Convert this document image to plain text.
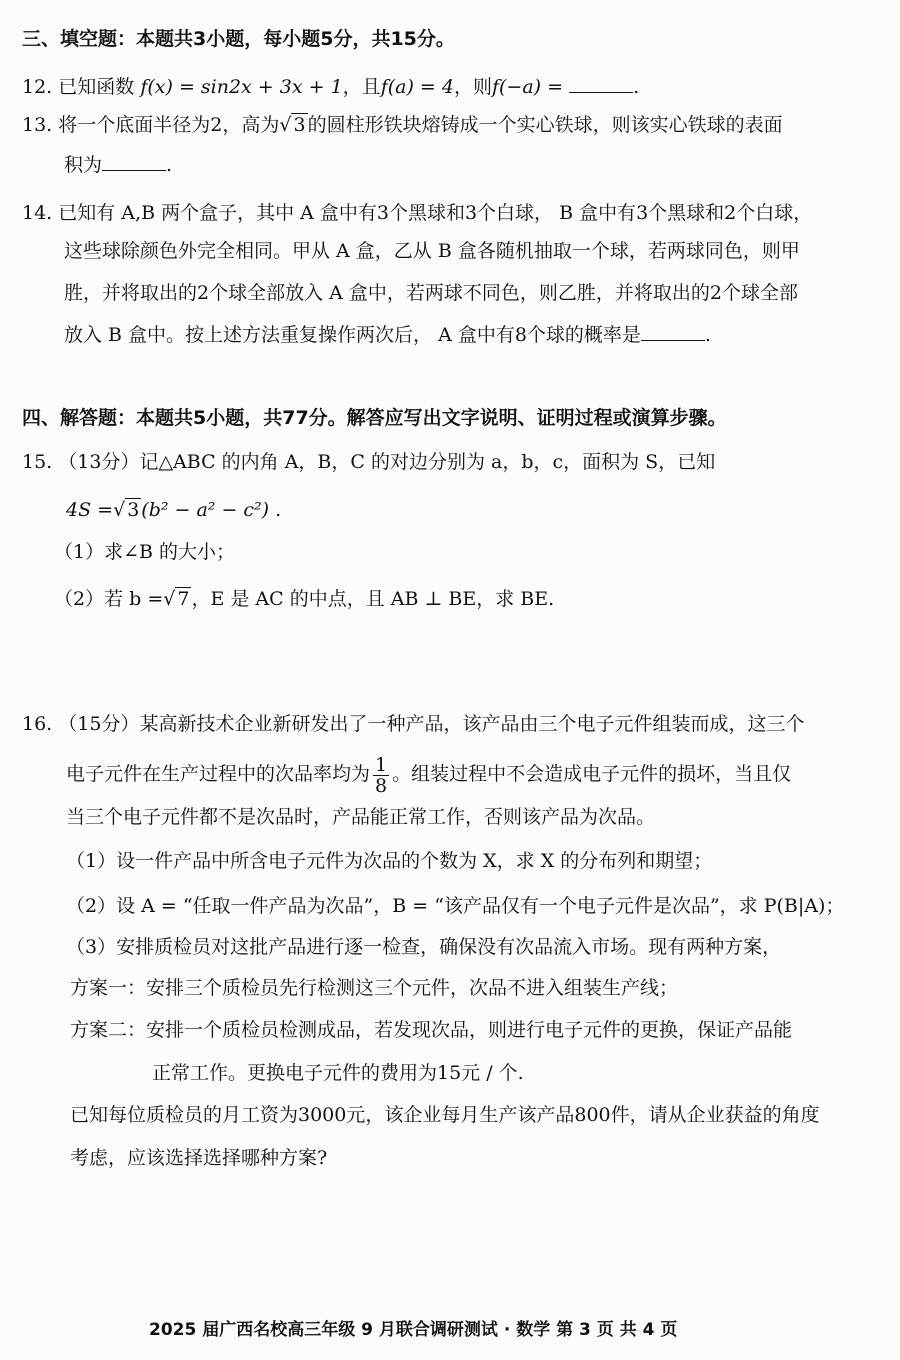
三、填空题：本题共3小题，每小题5分，共15分。
12. 已知函数 f(x) = sin2x + 3x + 1，且f(a) = 4，则f(−a) =	.
13. 将一个底面半径为2，高为√ 3 的圆柱形铁块熔铸成一个实心铁球，则该实心铁球的表面
积为	.
14. 已知有 A,B 两个盒子，其中 A 盒中有3个黑球和3个白球， B 盒中有3个黑球和2个白球，
这些球除颜色外完全相同。甲从 A 盒，乙从 B 盒各随机抽取一个球，若两球同色，则甲
胜，并将取出的2个球全部放入 A 盒中，若两球不同色，则乙胜，并将取出的2个球全部
放入 B 盒中。按上述方法重复操作两次后， A 盒中有8个球的概率是	.
四、解答题：本题共5小题，共77分。解答应写出文字说明、证明过程或演算步骤。
15. （13分）记△ABC 的内角 A，B，C 的对边分别为 a，b，c，面积为 S，已知
4S =√ 3 (b² − a² − c²) .
（1）求∠B 的大小；
（2）若 b =√ 7 ，E 是 AC 的中点，且 AB ⊥ BE，求 BE.
16. （15分）某高新技术企业新研发出了一种产品，该产品由三个电子元件组装而成，这三个
电子元件在生产过程中的次品率均为 $\frac{1}{8}$ 。组装过程中不会造成电子元件的损坏，当且仅
当三个电子元件都不是次品时，产品能正常工作，否则该产品为次品。
（1）设一件产品中所含电子元件为次品的个数为 X，求 X 的分布列和期望；
（2）设 A = “任取一件产品为次品”，B = “该产品仅有一个电子元件是次品”，求 P(B|A)；
（3）安排质检员对这批产品进行逐一检查，确保没有次品流入市场。现有两种方案，
方案一：安排三个质检员先行检测这三个元件，次品不进入组装生产线；
方案二：安排一个质检员检测成品，若发现次品，则进行电子元件的更换，保证产品能
正常工作。更换电子元件的费用为15元 / 个.
已知每位质检员的月工资为3000元，该企业每月生产该产品800件，请从企业获益的角度
考虑，应该选择选择哪种方案?
2025 届广西名校高三年级 9 月联合调研测试 · 数学 第 3 页 共 4 页
